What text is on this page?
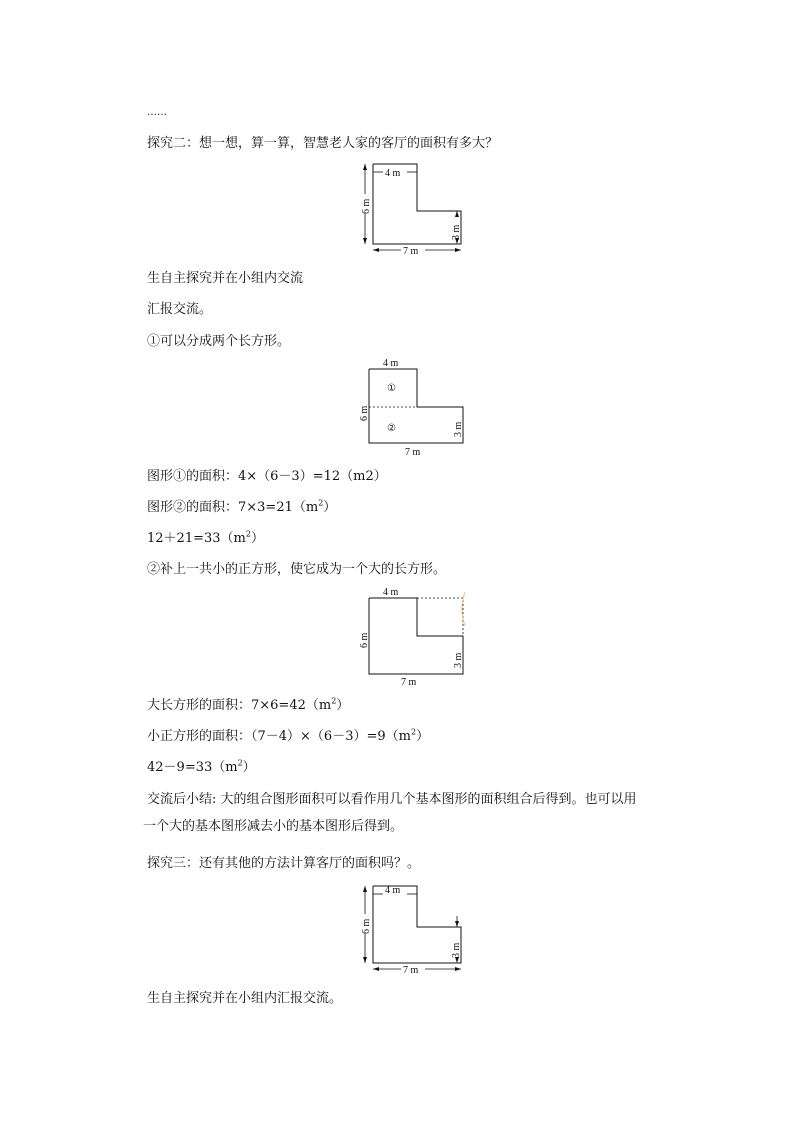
……
探究二：想一想，算一算，智慧老人家的客厅的面积有多大？
4 m
6 m
3 m
7 m
生自主探究并在小组内交流
汇报交流。
①可以分成两个长方形。
4 m
6 m
3 m
7 m
①
②
图形①的面积：4×（6－3）=12（m2）
图形②的面积：$7\times 3=21(m^2)$
$12+21=33(m^2)$
②补上一共小的正方形，使它成为一个大的长方形。
4 m
6 m
3 m
7 m
大长方形的面积：$7\times 6=42(m^2)$
小正方形的面积：$(7-4)\times(6-3)=9(m^2)$
$42-9=33(m^2)$
交流后小结: 大的组合图形面积可以看作用几个基本图形的面积组合后得到。也可以用
一个大的基本图形减去小的基本图形后得到。
探究三：还有其他的方法计算客厅的面积吗？。
4 m
6 m
3 m
7 m
生自主探究并在小组内汇报交流。
